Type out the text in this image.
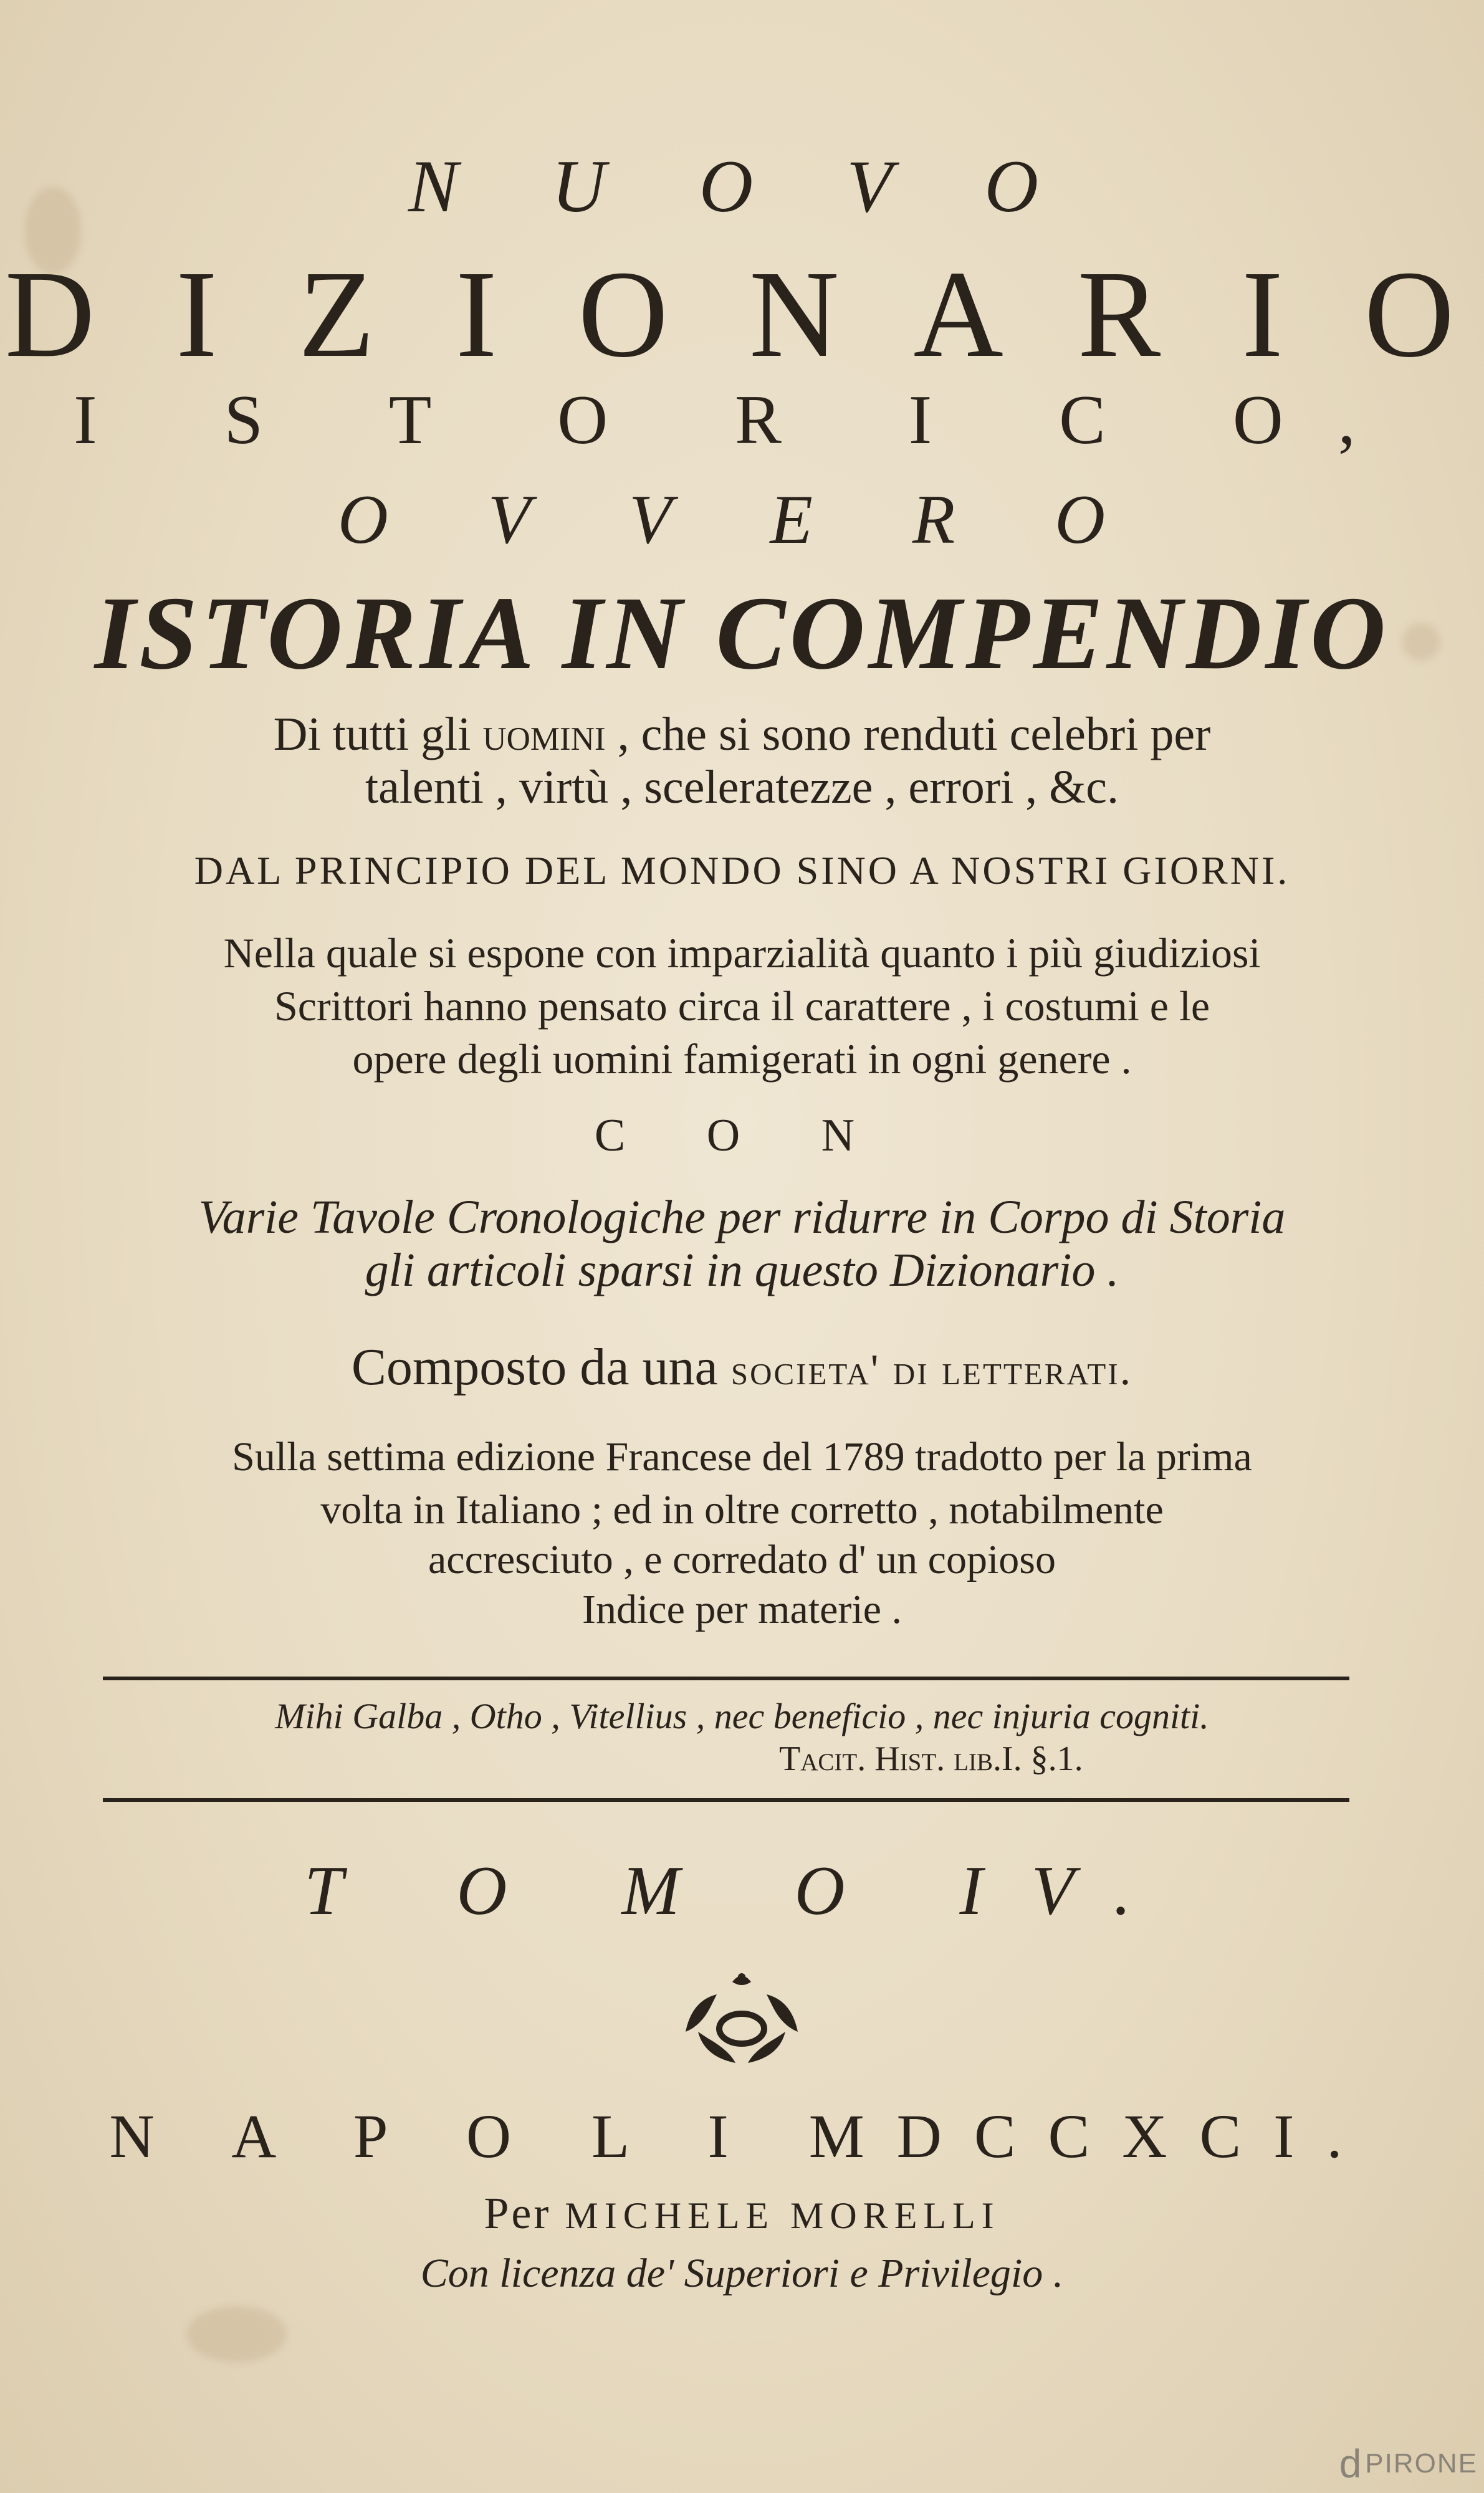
N U O V O
D I Z I O N A R I O
I S T O R I C O,
O V V E R O
ISTORIA IN COMPENDIO
Di tutti gli uomini , che si sono renduti celebri per
talenti , virtù , sceleratezze , errori , &c.
DAL PRINCIPIO DEL MONDO SINO A NOSTRI GIORNI.
Nella quale si espone con imparzialità quanto i più giudiziosi
Scrittori hanno pensato circa il carattere , i costumi e le
opere degli uomini famigerati in ogni genere .
C O N
Varie Tavole Cronologiche per ridurre in Corpo di Storia
gli articoli sparsi in questo Dizionario .
Composto da una societa' di letterati.
Sulla settima edizione Francese del 1789 tradotto per la prima
volta in Italiano ; ed in oltre corretto , notabilmente
accresciuto , e corredato d' un copioso
Indice per materie .
Mihi Galba , Otho , Vitellius , nec beneficio , nec injuria cogniti.
Tacit. Hist. lib.I. §.1.
T O M O IV.
N A P O L I MDCCXCI.
Per MICHELE MORELLI
Con licenza de' Superiori e Privilegio .
dPIRONE
